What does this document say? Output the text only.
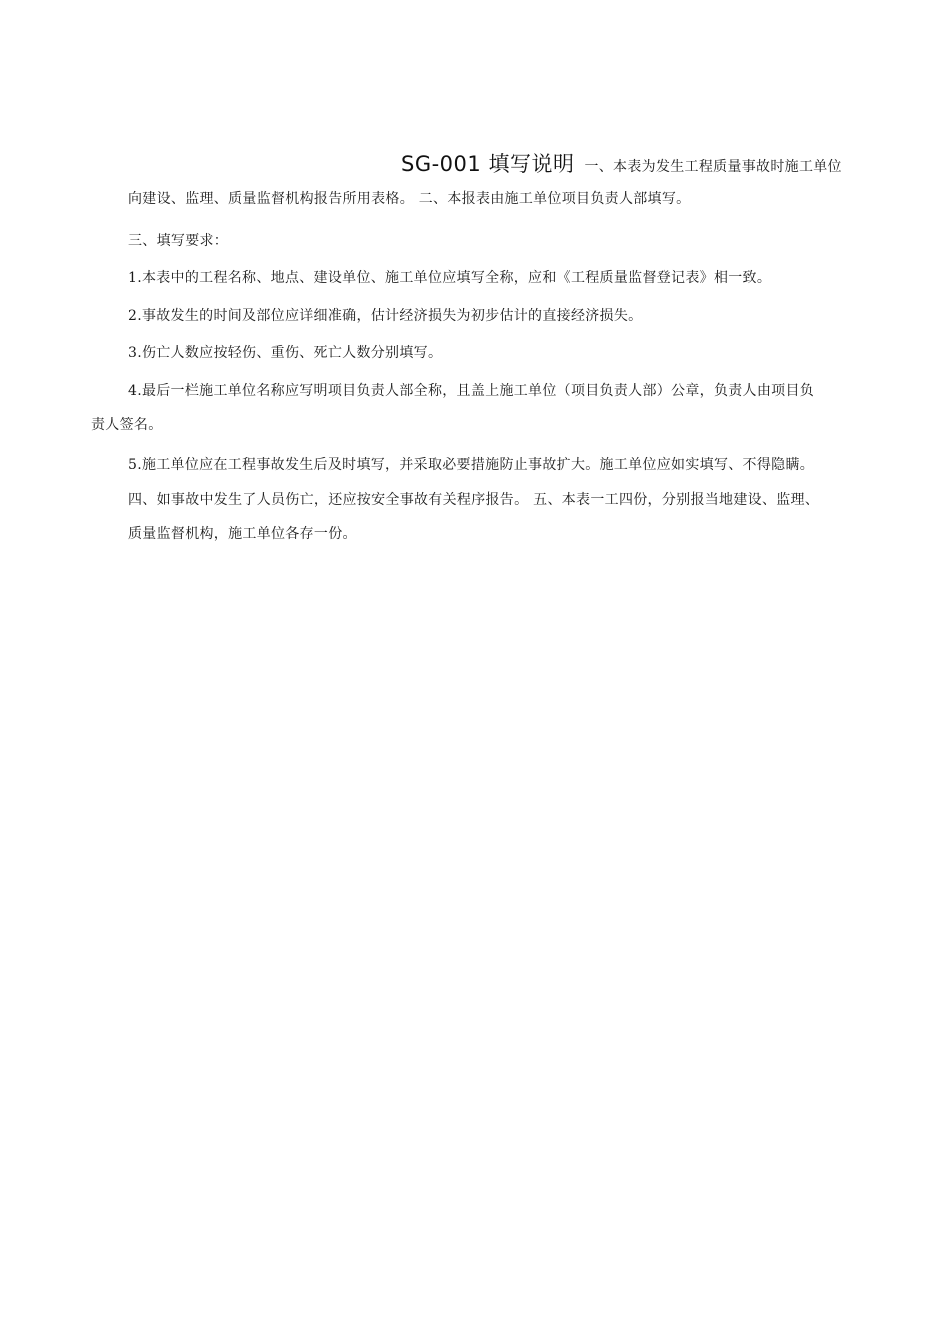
SG-001 填写说明 一、本表为发生工程质量事故时施工单位
向建设、监理、质量监督机构报告所用表格。 二、本报表由施工单位项目负责人部填写。
三、填写要求：
1.本表中的工程名称、地点、建设单位、施工单位应填写全称，应和《工程质量监督登记表》相一致。
2.事故发生的时间及部位应详细准确，估计经济损失为初步估计的直接经济损失。
3.伤亡人数应按轻伤、重伤、死亡人数分别填写。
4.最后一栏施工单位名称应写明项目负责人部全称，且盖上施工单位（项目负责人部）公章，负责人由项目负
责人签名。
5.施工单位应在工程事故发生后及时填写，并采取必要措施防止事故扩大。施工单位应如实填写、不得隐瞒。
四、如事故中发生了人员伤亡，还应按安全事故有关程序报告。 五、本表一工四份，分别报当地建设、监理、
质量监督机构，施工单位各存一份。
